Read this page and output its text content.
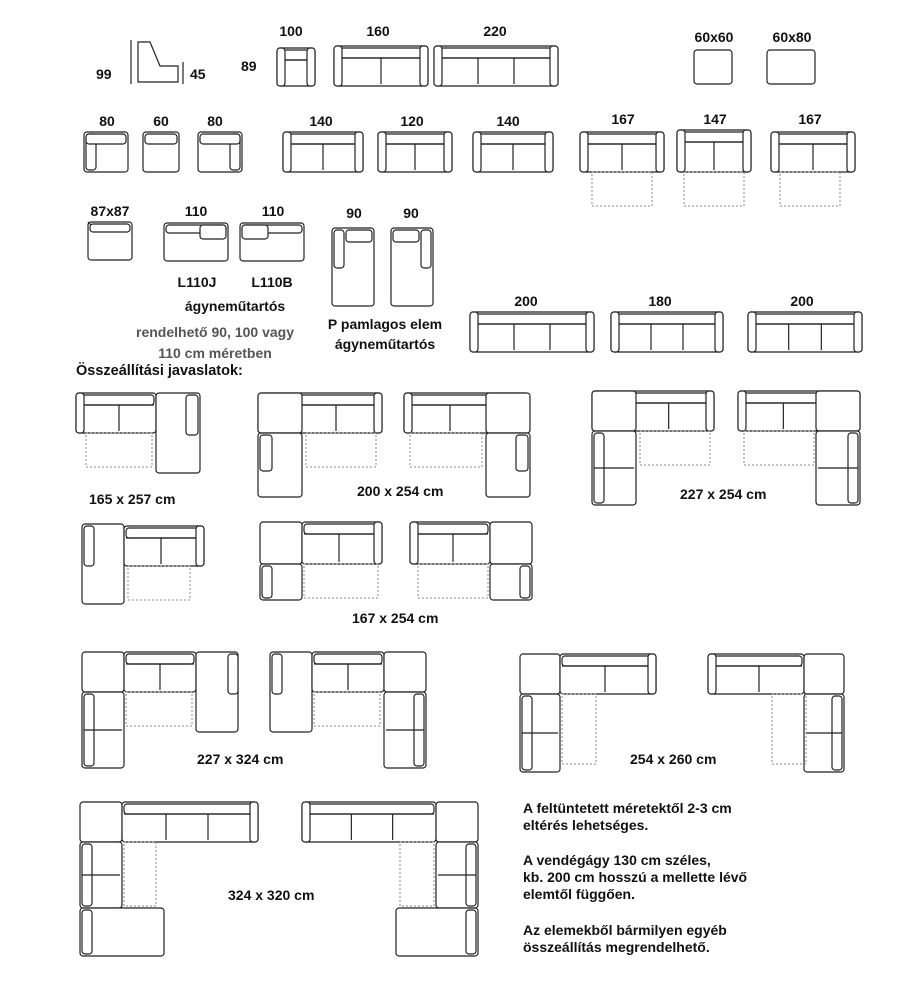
99	45	89
100	160	220	60x60	60x80
80	60	80	140	120	140	167	147	167
87x87	110	110
L110J	L110B
ágyneműtartós
rendelhető 90, 100 vagy
110 cm méretben
90	90
P pamlagos elem
ágyneműtartós
200	180	200
Összeállítási javaslatok:
165 x 257 cm	200 x 254 cm	227 x 254 cm
167 x 254 cm
227 x 324 cm	254 x 260 cm
324 x 320 cm
A feltüntetett méretektől 2-3 cm
eltérés lehetséges.
A vendégágy 130 cm széles,
kb. 200 cm hosszú a mellette lévő
elemtől függően.
Az elemekből bármilyen egyéb
összeállítás megrendelhető.
